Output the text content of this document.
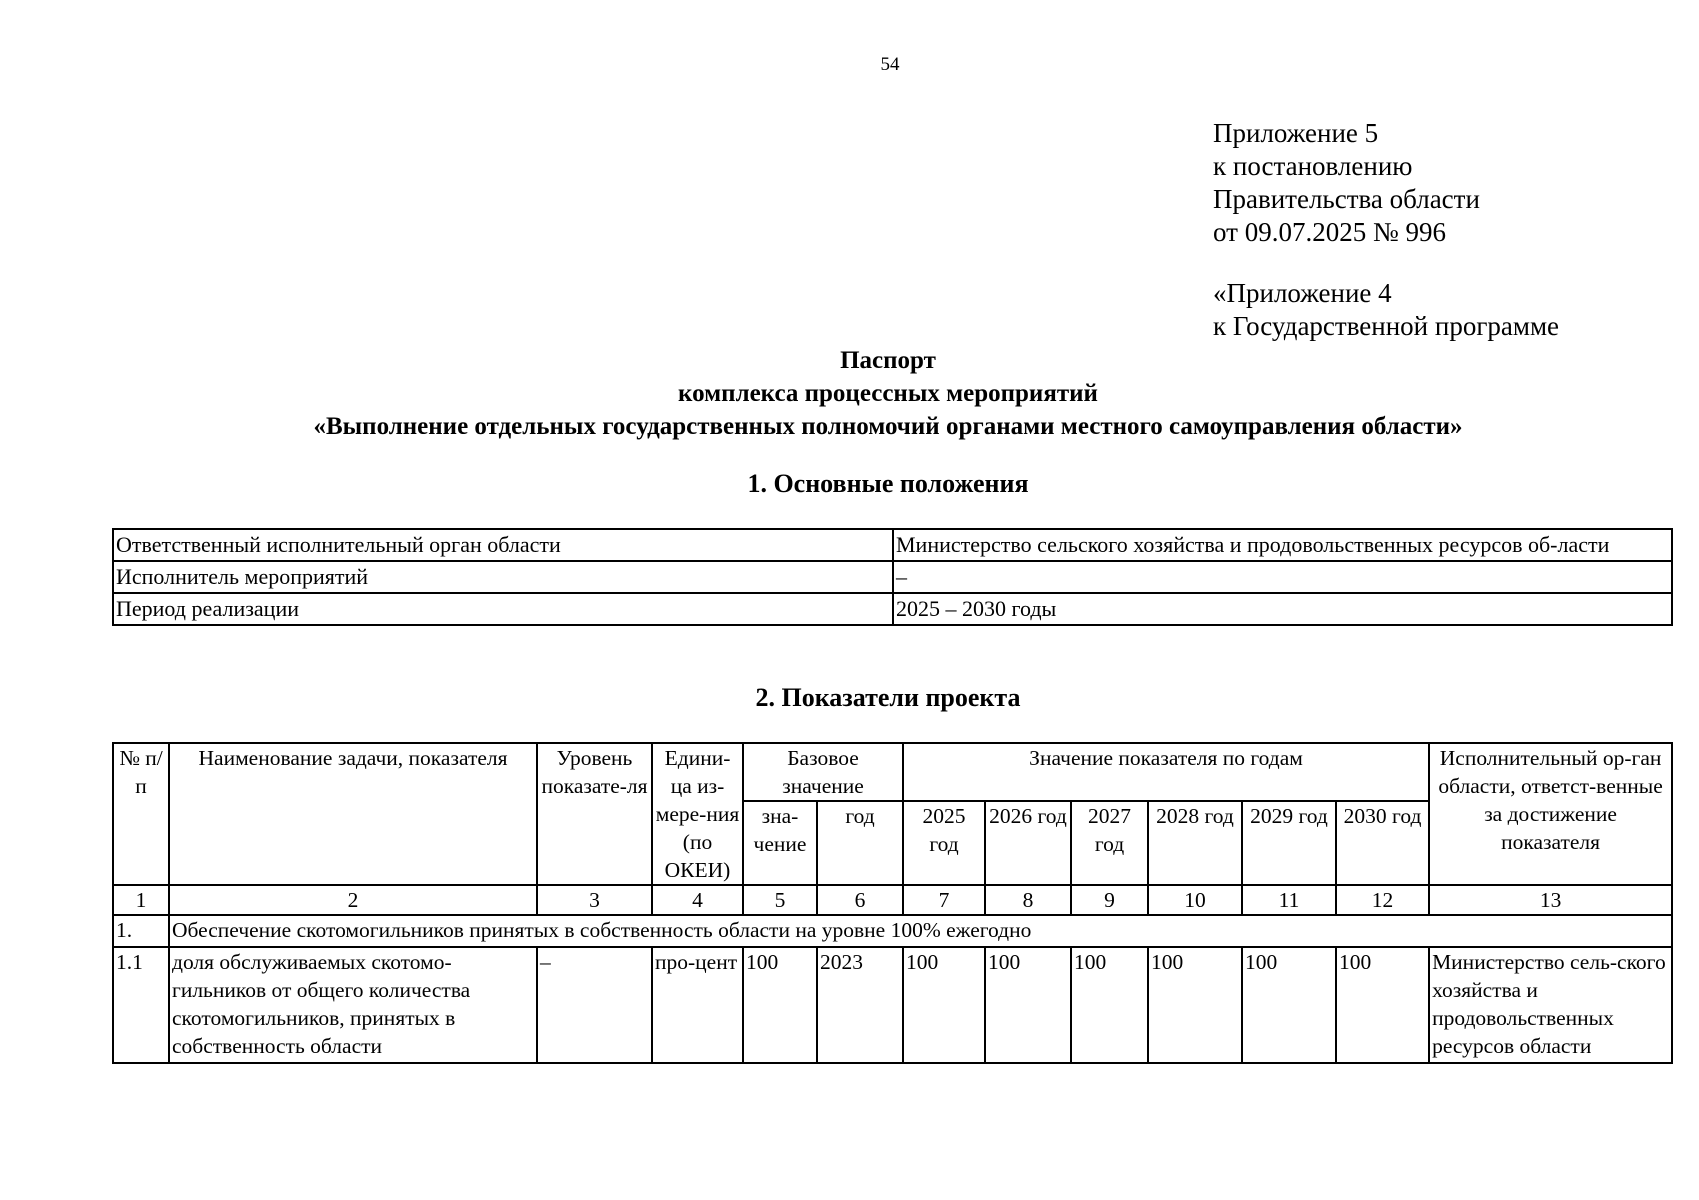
54
Приложение 5
к постановлению
Правительства области
от 09.07.2025 № 996
«Приложение 4
к Государственной программе
Паспорт
комплекса процессных мероприятий
«Выполнение отдельных государственных полномочий органами местного самоуправления области»
1. Основные положения
Ответственный исполнительный орган области	Министерство сельского хозяйства и продовольственных ресурсов об-ласти
Исполнитель мероприятий	–
Период реализации	2025 – 2030 годы
2. Показатели проекта
№ п/п	Наименование задачи, показателя	Уровень показате-ля	Едини-ца из-мере-ния (по ОКЕИ)	Базовое значение		Значение показателя по годам						Исполнительный ор-ган области, ответст-венные за достижение показателя
				зна-чение	год	2025 год	2026 год	2027 год	2028 год	2029 год	2030 год	
1	2	3	4	5	6	7	8	9	10	11	12	13
1.	Обеспечение скотомогильников принятых в собственность области на уровне 100% ежегодно											
1.1	доля обслуживаемых скотомо-гильников от общего количества скотомогильников, принятых в собственность области	–	про-цент	100	2023	100	100	100	100	100	100	Министерство сель-ского хозяйства и продовольственных ресурсов области
